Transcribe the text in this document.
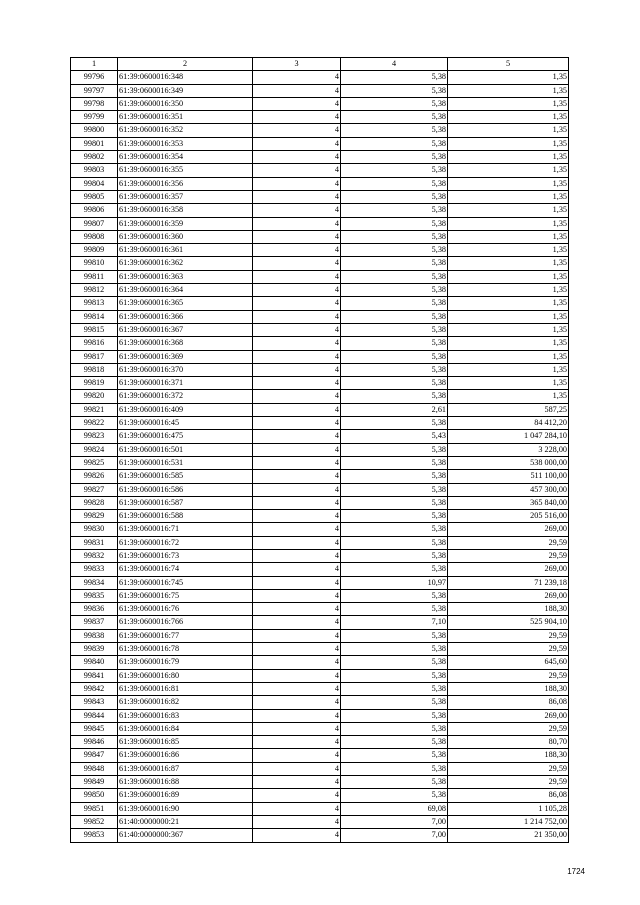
1	2	3	4	5
99796	61:39:0600016:348	4	5,38	1,35
99797	61:39:0600016:349	4	5,38	1,35
99798	61:39:0600016:350	4	5,38	1,35
99799	61:39:0600016:351	4	5,38	1,35
99800	61:39:0600016:352	4	5,38	1,35
99801	61:39:0600016:353	4	5,38	1,35
99802	61:39:0600016:354	4	5,38	1,35
99803	61:39:0600016:355	4	5,38	1,35
99804	61:39:0600016:356	4	5,38	1,35
99805	61:39:0600016:357	4	5,38	1,35
99806	61:39:0600016:358	4	5,38	1,35
99807	61:39:0600016:359	4	5,38	1,35
99808	61:39:0600016:360	4	5,38	1,35
99809	61:39:0600016:361	4	5,38	1,35
99810	61:39:0600016:362	4	5,38	1,35
99811	61:39:0600016:363	4	5,38	1,35
99812	61:39:0600016:364	4	5,38	1,35
99813	61:39:0600016:365	4	5,38	1,35
99814	61:39:0600016:366	4	5,38	1,35
99815	61:39:0600016:367	4	5,38	1,35
99816	61:39:0600016:368	4	5,38	1,35
99817	61:39:0600016:369	4	5,38	1,35
99818	61:39:0600016:370	4	5,38	1,35
99819	61:39:0600016:371	4	5,38	1,35
99820	61:39:0600016:372	4	5,38	1,35
99821	61:39:0600016:409	4	2,61	587,25
99822	61:39:0600016:45	4	5,38	84 412,20
99823	61:39:0600016:475	4	5,43	1 047 284,10
99824	61:39:0600016:501	4	5,38	3 228,00
99825	61:39:0600016:531	4	5,38	538 000,00
99826	61:39:0600016:585	4	5,38	511 100,00
99827	61:39:0600016:586	4	5,38	457 300,00
99828	61:39:0600016:587	4	5,38	365 840,00
99829	61:39:0600016:588	4	5,38	205 516,00
99830	61:39:0600016:71	4	5,38	269,00
99831	61:39:0600016:72	4	5,38	29,59
99832	61:39:0600016:73	4	5,38	29,59
99833	61:39:0600016:74	4	5,38	269,00
99834	61:39:0600016:745	4	10,97	71 239,18
99835	61:39:0600016:75	4	5,38	269,00
99836	61:39:0600016:76	4	5,38	188,30
99837	61:39:0600016:766	4	7,10	525 904,10
99838	61:39:0600016:77	4	5,38	29,59
99839	61:39:0600016:78	4	5,38	29,59
99840	61:39:0600016:79	4	5,38	645,60
99841	61:39:0600016:80	4	5,38	29,59
99842	61:39:0600016:81	4	5,38	188,30
99843	61:39:0600016:82	4	5,38	86,08
99844	61:39:0600016:83	4	5,38	269,00
99845	61:39:0600016:84	4	5,38	29,59
99846	61:39:0600016:85	4	5,38	80,70
99847	61:39:0600016:86	4	5,38	188,30
99848	61:39:0600016:87	4	5,38	29,59
99849	61:39:0600016:88	4	5,38	29,59
99850	61:39:0600016:89	4	5,38	86,08
99851	61:39:0600016:90	4	69,08	1 105,28
99852	61:40:0000000:21	4	7,00	1 214 752,00
99853	61:40:0000000:367	4	7,00	21 350,00
1724
